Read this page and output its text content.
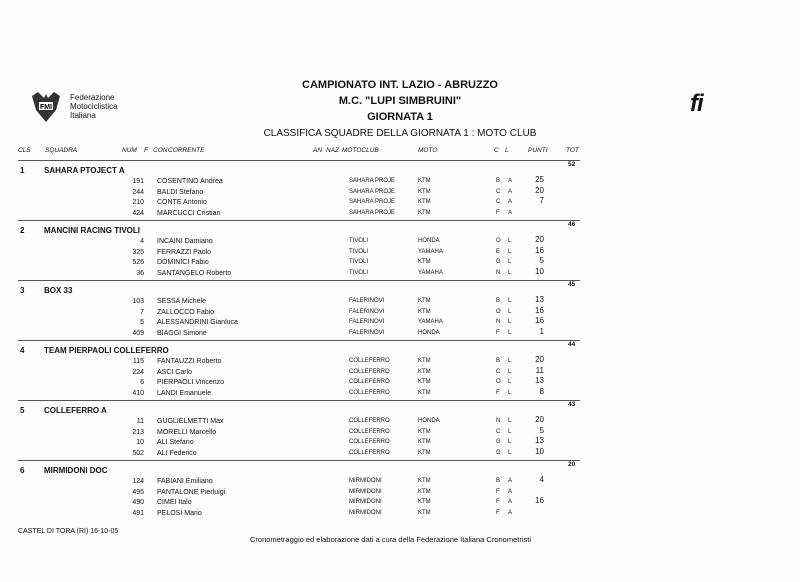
FMI
Federazione
Motociclistica
Italiana	fi
CAMPIONATO INT. LAZIO - ABRUZZO
M.C. "LUPI SIMBRUINI"
GIORNATA 1
CLASSIFICA SQUADRE DELLA GIORNATA 1 : MOTO CLUB
CLS SQUADRA	NUM F CON CORRENTE	AN NAZ MOTOCLUB	MOTO	C L	PUNTI	TOT
52
1 SAHARA PTOJECT A
191 COSENTINO Andrea	SAHARA PROJE	KTM	B A	25
244 BALDI Stefano	SAHARA PROJE	KTM	C A	20
210 CONTE Antonio	SAHARA PROJE	KTM	C A	7
424 MARCUCCI Cristian	SAHARA PROJE	KTM	F A
46
2 MANCINI RACING TIVOLI
4 INCAINI Damiano	TIVOLI	HONDA	O L	20
325 FERRAZZI Paolo	TIVOLI	YAMAHA	E L	16
526 DOMINICI Fabio	TIVOLI	KTM	G L	5
36 SANTANGELO Roberto	TIVOLI	YAMAHA	N L	10
45
3 BOX 33
103 SESSA Michele	FALERINOVI	KTM	B L	13
7 ZALLOCCO Fabio	FALERINOVI	KTM	O L	16
5 ALESSANDRINI Gianluca	FALERINOVI	YAMAHA	N L	16
409 BIAGGI Simone	FALERINOVI	HONDA	F L	1
44
4 TEAM PIERPAOLI COLLEFERRO
115 FANTAUZZI Roberto	COLLEFERRO	KTM	B L	20
224 ASCI Carlo	COLLEFERRO	KTM	C L	11
6 PIERPAOLI Vincenzo	COLLEFERRO	KTM	O L	13
410 LANDI Emanuele	COLLEFERRO	KTM	F L	8
43
5 COLLEFERRO A
11 GUGLIELMETTI Max	COLLEFERRO	HONDA	N L	20
213 MORELLI Marcello	COLLEFERRO	KTM	C L	5
10 ALI Stefano	COLLEFERRO	KTM	G L	13
502 ALI Federico	COLLEFERRO	KTM	G L	10
20
6 MIRMIDONI DOC
124 FABIANI Emiliano	MIRMIDONI	KTM	B A	4
495 PANTALONE Pierluigi	MIRMIDONI	KTM	F A
490 CIMEI Italo	MIRMIDONI	KTM	F A	16
491 PELOSI Mario	MIRMIDONI	KTM	F A
CASTEL DI TORA (RI) 16-10-05
Cronometraggio ed elaborazione dati a cura della Federazione Italiana Cronometristi
